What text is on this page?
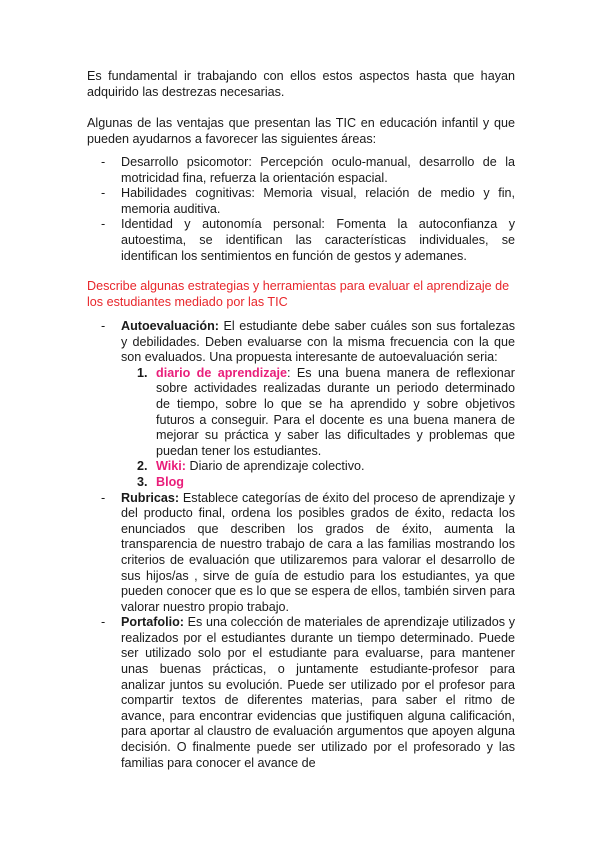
Es fundamental ir trabajando con ellos estos aspectos hasta que hayan adquirido las destrezas necesarias.

Algunas de las ventajas que presentan las TIC en educación infantil y que pueden ayudarnos a favorecer las siguientes áreas:

- Desarrollo psicomotor: Percepción oculo-manual, desarrollo de la motricidad fina, refuerza la orientación espacial.
- Habilidades cognitivas: Memoria visual, relación de medio y fin, memoria auditiva.
- Identidad y autonomía personal: Fomenta la autoconfianza y autoestima, se identifican las características individuales, se identifican los sentimientos en función de gestos y ademanes.

Describe algunas estrategias y herramientas para evaluar el aprendizaje de los estudiantes mediado por las TIC

- Autoevaluación: El estudiante debe saber cuáles son sus fortalezas y debilidades. Deben evaluarse con la misma frecuencia con la que son evaluados. Una propuesta interesante de autoevaluación seria:
1. diario de aprendizaje: Es una buena manera de reflexionar sobre actividades realizadas durante un periodo determinado de tiempo, sobre lo que se ha aprendido y sobre objetivos futuros a conseguir. Para el docente es una buena manera de mejorar su práctica y saber las dificultades y problemas que puedan tener los estudiantes.
2. Wiki: Diario de aprendizaje colectivo.
3. Blog
- Rubricas: Establece categorías de éxito del proceso de aprendizaje y del producto final, ordena los posibles grados de éxito, redacta los enunciados que describen los grados de éxito, aumenta la transparencia de nuestro trabajo de cara a las familias mostrando los criterios de evaluación que utilizaremos para valorar el desarrollo de sus hijos/as , sirve de guía de estudio para los estudiantes, ya que pueden conocer que es lo que se espera de ellos, también sirven para valorar nuestro propio trabajo.
- Portafolio: Es una colección de materiales de aprendizaje utilizados y realizados por el estudiantes durante un tiempo determinado. Puede ser utilizado solo por el estudiante para evaluarse, para mantener unas buenas prácticas, o juntamente estudiante-profesor para analizar juntos su evolución. Puede ser utilizado por el profesor para compartir textos de diferentes materias, para saber el ritmo de avance, para encontrar evidencias que justifiquen alguna calificación, para aportar al claustro de evaluación argumentos que apoyen alguna decisión. O finalmente puede ser utilizado por el profesorado y las familias para conocer el avance de
